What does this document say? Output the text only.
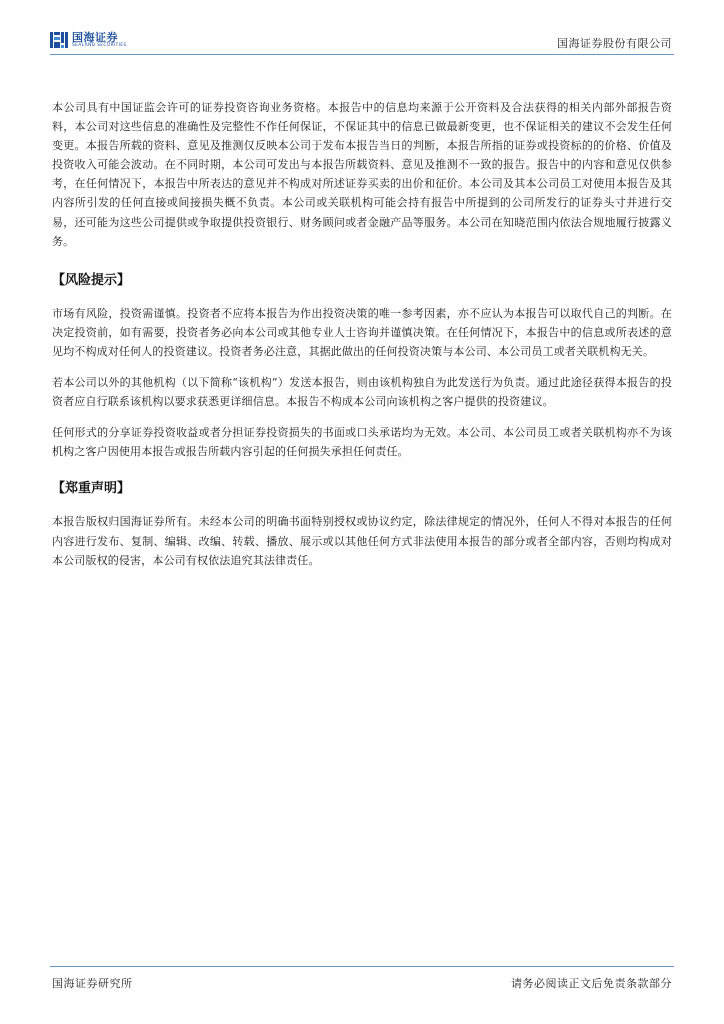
国海证券
SEALAND SECURITIES	国海证券股份有限公司

本公司具有中国证监会许可的证券投资咨询业务资格。本报告中的信息均来源于公开资料及合法获得的相关内部外部报告资料，本公司对这些信息的准确性及完整性不作任何保证，不保证其中的信息已做最新变更，也不保证相关的建议不会发生任何变更。本报告所载的资料、意见及推测仅反映本公司于发布本报告当日的判断，本报告所指的证券或投资标的的价格、价值及投资收入可能会波动。在不同时期，本公司可发出与本报告所载资料、意见及推测不一致的报告。报告中的内容和意见仅供参考，在任何情况下，本报告中所表达的意见并不构成对所述证券买卖的出价和征价。本公司及其本公司员工对使用本报告及其内容所引发的任何直接或间接损失概不负责。本公司或关联机构可能会持有报告中所提到的公司所发行的证券头寸并进行交易，还可能为这些公司提供或争取提供投资银行、财务顾问或者金融产品等服务。本公司在知晓范围内依法合规地履行披露义务。

【风险提示】

市场有风险，投资需谨慎。投资者不应将本报告为作出投资决策的唯一参考因素，亦不应认为本报告可以取代自己的判断。在决定投资前，如有需要，投资者务必向本公司或其他专业人士咨询并谨慎决策。在任何情况下，本报告中的信息或所表述的意见均不构成对任何人的投资建议。投资者务必注意，其据此做出的任何投资决策与本公司、本公司员工或者关联机构无关。

若本公司以外的其他机构（以下简称“该机构”）发送本报告，则由该机构独自为此发送行为负责。通过此途径获得本报告的投资者应自行联系该机构以要求获悉更详细信息。本报告不构成本公司向该机构之客户提供的投资建议。

任何形式的分享证券投资收益或者分担证券投资损失的书面或口头承诺均为无效。本公司、本公司员工或者关联机构亦不为该机构之客户因使用本报告或报告所载内容引起的任何损失承担任何责任。

【郑重声明】

本报告版权归国海证券所有。未经本公司的明确书面特别授权或协议约定，除法律规定的情况外，任何人不得对本报告的任何内容进行发布、复制、编辑、改编、转载、播放、展示或以其他任何方式非法使用本报告的部分或者全部内容，否则均构成对本公司版权的侵害，本公司有权依法追究其法律责任。

国海证券研究所	请务必阅读正文后免责条款部分
